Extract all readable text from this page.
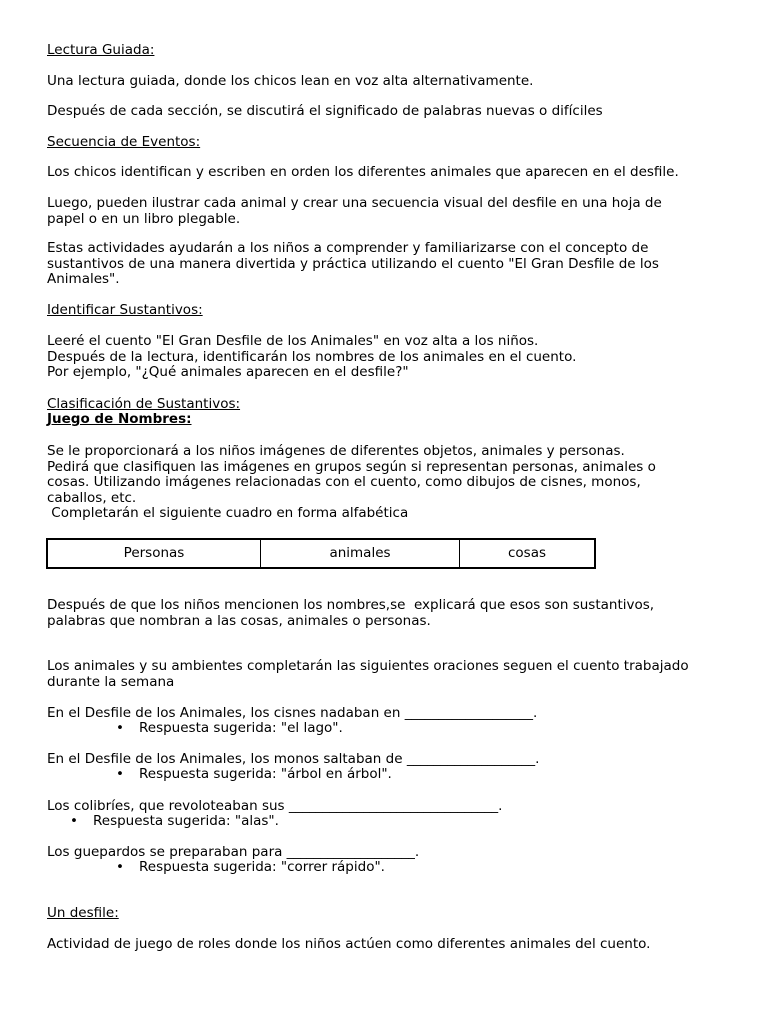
Lectura Guiada:

Una lectura guiada, donde los chicos lean en voz alta alternativamente.

Después de cada sección, se discutirá el significado de palabras nuevas o difíciles

Secuencia de Eventos:

Los chicos identifican y escriben en orden los diferentes animales que aparecen en el desfile.

Luego, pueden ilustrar cada animal y crear una secuencia visual del desfile en una hoja de
papel o en un libro plegable.

Estas actividades ayudarán a los niños a comprender y familiarizarse con el concepto de
sustantivos de una manera divertida y práctica utilizando el cuento "El Gran Desfile de los
Animales".

Identificar Sustantivos:

Leeré el cuento "El Gran Desfile de los Animales" en voz alta a los niños.
Después de la lectura, identificarán los nombres de los animales en el cuento.
Por ejemplo, "¿Qué animales aparecen en el desfile?"

Clasificación de Sustantivos:

Juego de Nombres:

Se le proporcionará a los niños imágenes de diferentes objetos, animales y personas.
Pedirá que clasifiquen las imágenes en grupos según si representan personas, animales o
cosas. Utilizando imágenes relacionadas con el cuento, como dibujos de cisnes, monos,
caballos, etc.
Completarán el siguiente cuadro en forma alfabética

Personas	animales	cosas

Después de que los niños mencionen los nombres,se  explicará que esos son sustantivos,
palabras que nombran a las cosas, animales o personas.

Los animales y su ambientes completarán las siguientes oraciones seguen el cuento trabajado
durante la semana

En el Desfile de los Animales, los cisnes nadaban en ___________________.

• Respuesta sugerida: "el lago".

En el Desfile de los Animales, los monos saltaban de ___________________.

• Respuesta sugerida: "árbol en árbol".

Los colibríes, que revoloteaban sus _______________________________.

• Respuesta sugerida: "alas".

Los guepardos se preparaban para ___________________.

• Respuesta sugerida: "correr rápido".

Un desfile:

Actividad de juego de roles donde los niños actúen como diferentes animales del cuento.
